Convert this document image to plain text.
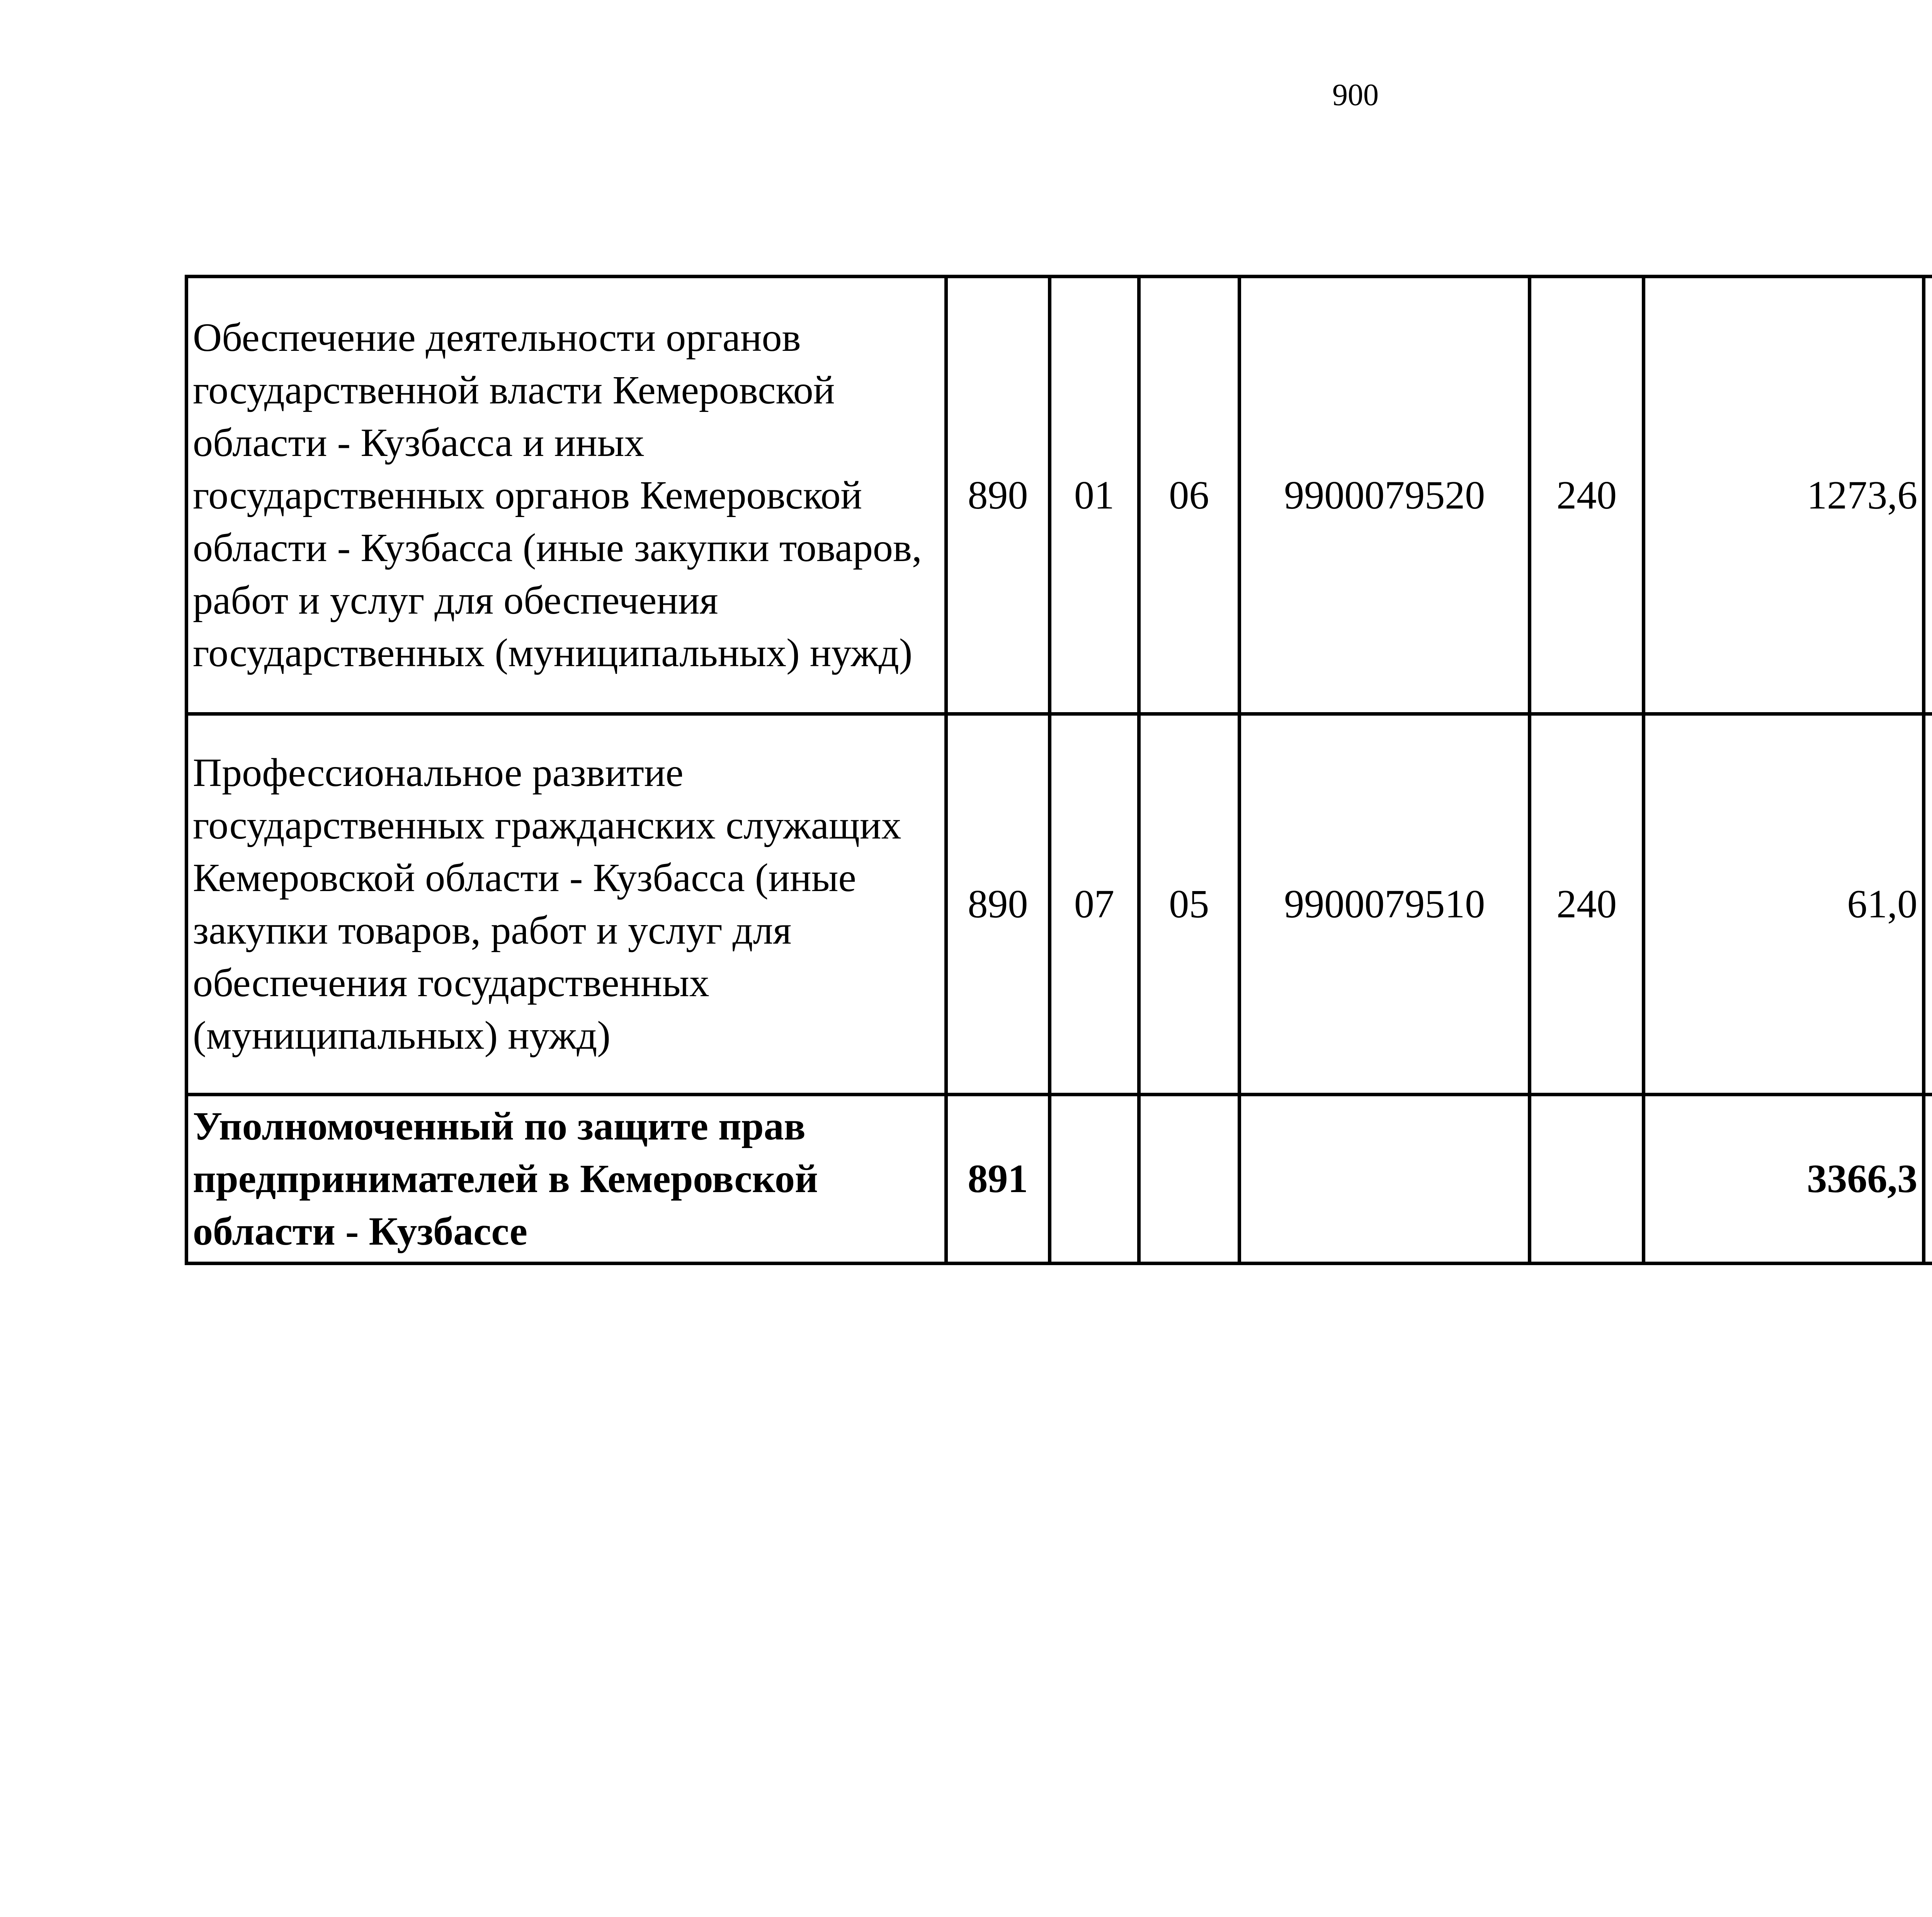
900
Обеспечение деятельности органов государственной власти Кемеровской области - Кузбасса и иных государственных органов Кемеровской области - Кузбасса (иные закупки товаров, работ и услуг для обеспечения государственных (муниципальных) нужд)	890	01	06	9900079520	240	1273,6		
Профессиональное развитие государственных гражданских служащих Кемеровской области - Кузбасса (иные закупки товаров, работ и услуг для обеспечения государственных (муниципальных) нужд)	890	07	05	9900079510	240	61,0		
Уполномоченный по защите прав предпринимателей в Кемеровской области - Кузбассе	891					3366,3		
